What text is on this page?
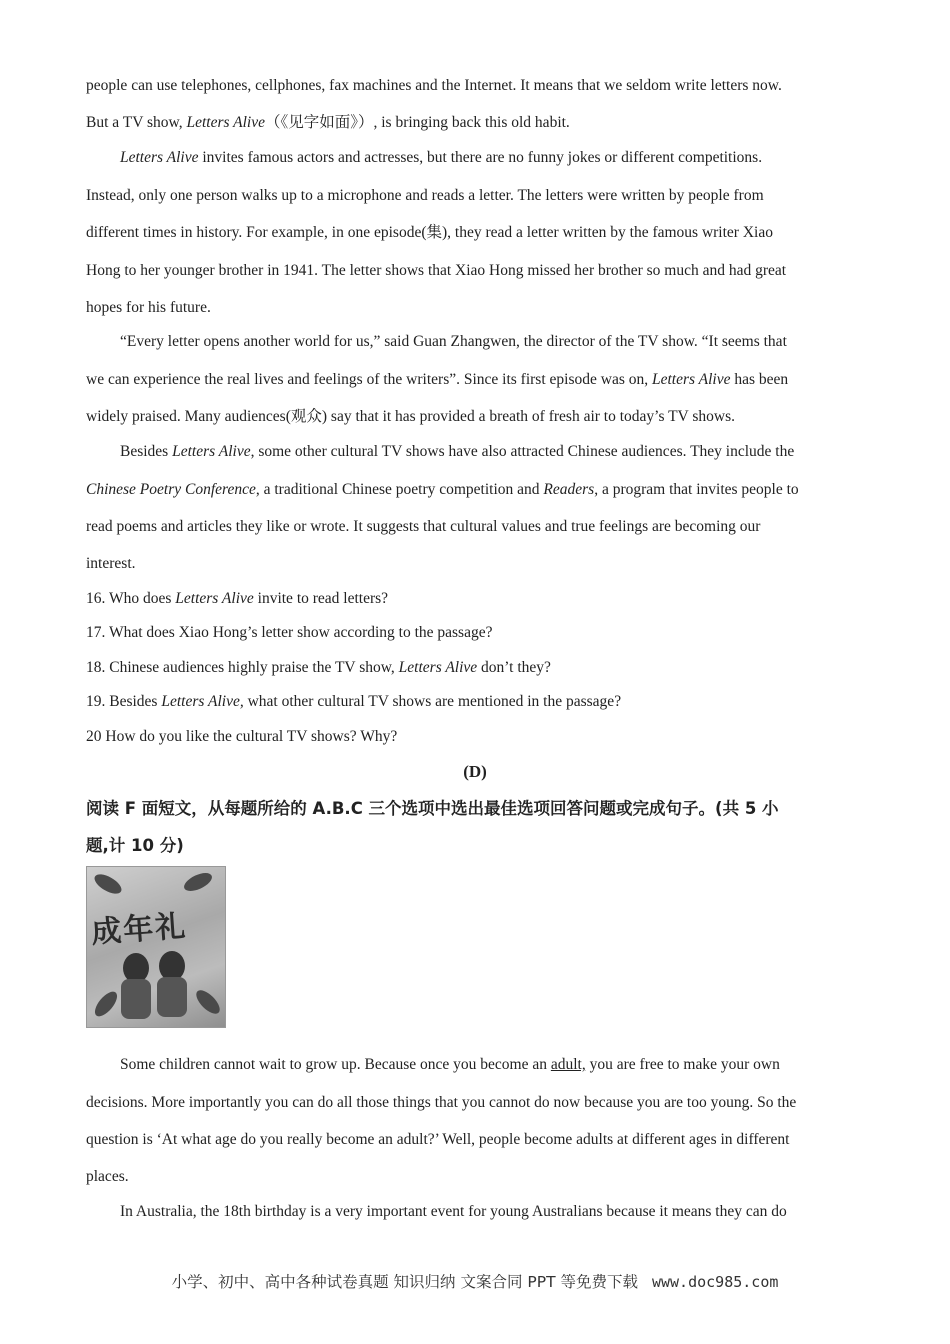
people can use telephones, cellphones, fax machines and the Internet. It means that we seldom write letters now.
But a TV show, Letters Alive（《见字如面》）, is bringing back this old habit.
Letters Alive invites famous actors and actresses, but there are no funny jokes or different competitions.
Instead, only one person walks up to a microphone and reads a letter. The letters were written by people from
different times in history. For example, in one episode(集), they read a letter written by the famous writer Xiao
Hong to her younger brother in 1941. The letter shows that Xiao Hong missed her brother so much and had great
hopes for his future.
“Every letter opens another world for us,” said Guan Zhangwen, the director of the TV show. “It seems that
we can experience the real lives and feelings of the writers”. Since its first episode was on, Letters Alive has been
widely praised. Many audiences(观众) say that it has provided a breath of fresh air to today’s TV shows.
Besides Letters Alive, some other cultural TV shows have also attracted Chinese audiences. They include the
Chinese Poetry Conference, a traditional Chinese poetry competition and Readers, a program that invites people to
read poems and articles they like or wrote. It suggests that cultural values and true feelings are becoming our
interest.
16. Who does Letters Alive invite to read letters?
17. What does Xiao Hong’s letter show according to the passage?
18. Chinese audiences highly praise the TV show, Letters Alive don’t they?
19. Besides Letters Alive, what other cultural TV shows are mentioned in the passage?
20 How do you like the cultural TV shows? Why?
(D)
阅读 F 面短文，从每题所给的 A.B.C 三个选项中选出最佳选项回答问题或完成句子。(共 5 小
题,计 10 分)
成年礼
Some children cannot wait to grow up. Because once you become an adult, you are free to make your own
decisions. More importantly you can do all those things that you cannot do now because you are too young. So the
question is ‘At what age do you really become an adult?’ Well, people become adults at different ages in different
places.
In Australia, the 18th birthday is a very important event for young Australians because it means they can do
小学、初中、高中各种试卷真题 知识归纳 文案合同 PPT 等免费下载 www.doc985.com
